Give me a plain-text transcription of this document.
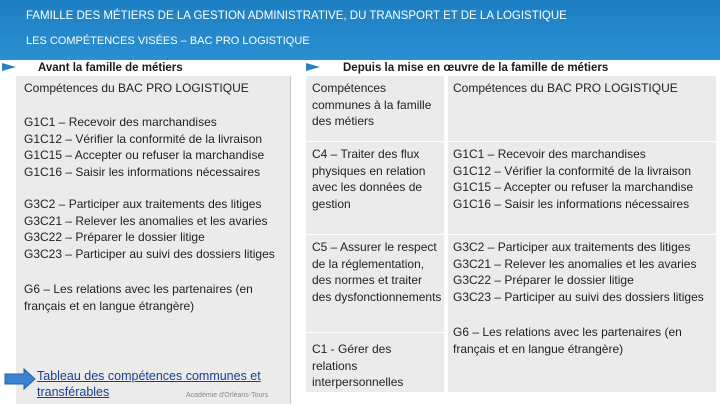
FAMILLE DES MÉTIERS DE LA GESTION ADMINISTRATIVE, DU TRANSPORT ET DE LA LOGISTIQUE
LES COMPÉTENCES VISÉES – BAC PRO LOGISTIQUE
Avant la famille de métiers	Depuis la mise en œuvre de la famille de métiers
Compétences du BAC PRO LOGISTIQUE
G1C1 – Recevoir des marchandises
G1C12 – Vérifier la conformité de la livraison
G1C15 – Accepter ou refuser la marchandise
G1C16 – Saisir les informations nécessaires
G3C2 – Participer aux traitements des litiges
G3C21 – Relever les anomalies et les avaries
G3C22 – Préparer le dossier litige
G3C23 – Participer au suivi des dossiers litiges
G6 – Les relations avec les partenaires (en français et en langue étrangère)
Compétences communes à la famille des métiers
C4 – Traiter des flux physiques en relation avec les données de gestion
C5 – Assurer le respect de la réglementation, des normes et traiter des dysfonctionnements
C1 - Gérer des relations interpersonnelles
Compétences du BAC PRO LOGISTIQUE
G1C1 – Recevoir des marchandises
G1C12 – Vérifier la conformité de la livraison
G1C15 – Accepter ou refuser la marchandise
G1C16 – Saisir les informations nécessaires
G3C2 – Participer aux traitements des litiges
G3C21 – Relever les anomalies et les avaries
G3C22 – Préparer le dossier litige
G3C23 – Participer au suivi des dossiers litiges
G6 – Les relations avec les partenaires (en français et en langue étrangère)
Tableau des compétences communes et transférables	Académie d'Orléans-Tours
